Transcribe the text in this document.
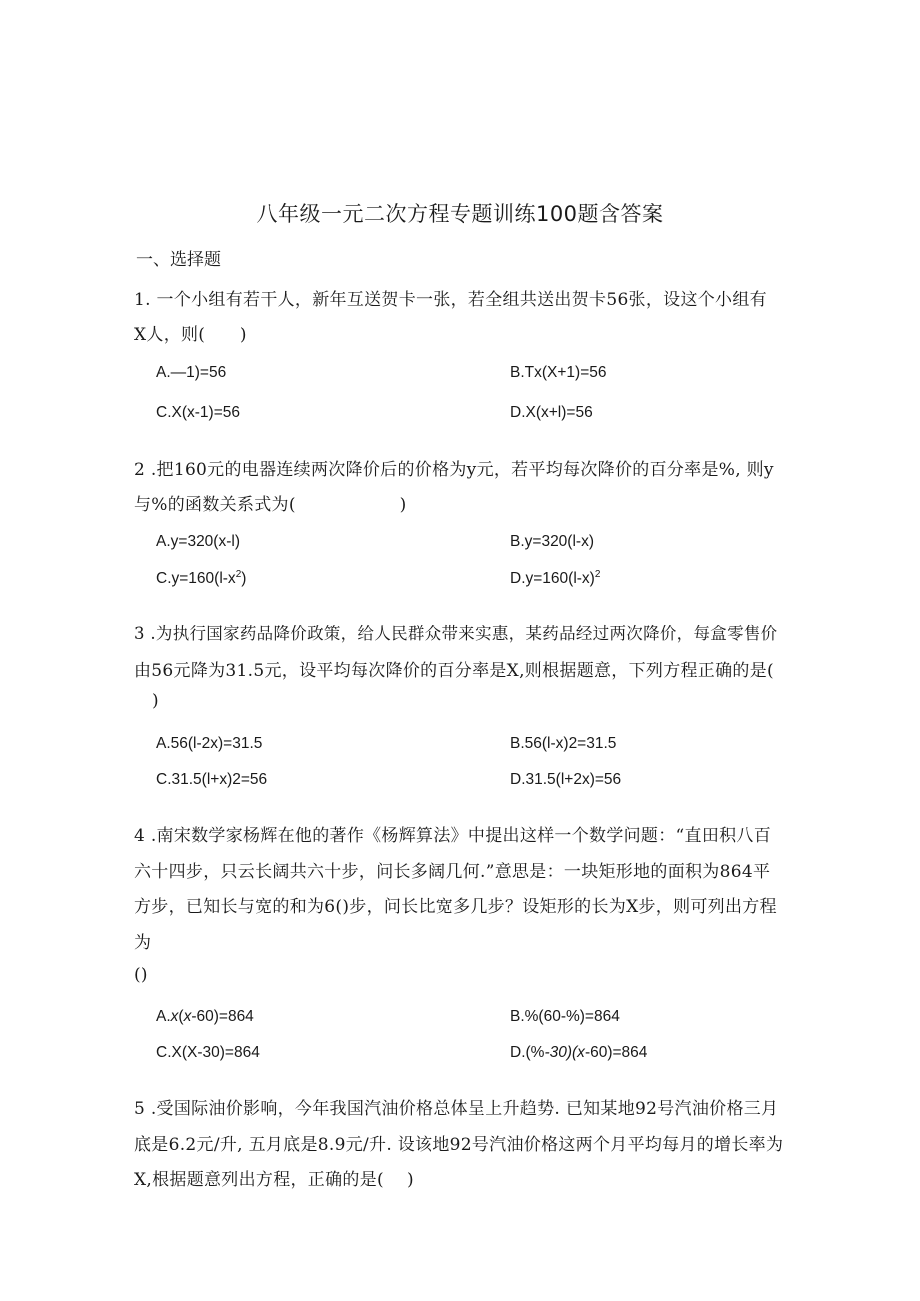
八年级一元二次方程专题训练100题含答案
一、选择题
1. 一个小组有若干人，新年互送贺卡一张，若全组共送出贺卡56张，设这个小组有
X人，则(　　)
A.—1)=56	B.Tx(X+1)=56
C.X(x-1)=56	D.X(x+l)=56
2 .把160元的电器连续两次降价后的价格为y元，若平均每次降价的百分率是%, 则y
与%的函数关系式为(　　　　　　)
A.y=320(x-l)	B.y=320(l-x)
$C.y=160(l-x^2)$	$D.y=160(l-x)^2$
3 .为执行国家药品降价政策，给人民群众带来实惠，某药品经过两次降价，每盒零售价
由56元降为31.5元，设平均每次降价的百分率是X,则根据题意，下列方程正确的是(
)
A.56(l-2x)=31.5	B.56(l-x)2=31.5
C.31.5(l+x)2=56	D.31.5(l+2x)=56
4 .南宋数学家杨辉在他的著作《杨辉算法》中提出这样一个数学问题：“直田积八百
六十四步，只云长阔共六十步，问长多阔几何.”意思是：一块矩形地的面积为864平
方步，已知长与宽的和为6()步，问长比宽多几步？设矩形的长为X步，则可列出方程
为
()
A.x(x-60)=864	B.%(60-%)=864
C.X(X-30)=864	D.(%-30)(x-60)=864
5 .受国际油价影响，今年我国汽油价格总体呈上升趋势. 已知某地92号汽油价格三月
底是6.2元/升, 五月底是8.9元/升. 设该地92号汽油价格这两个月平均每月的增长率为
X,根据题意列出方程，正确的是(　 )
